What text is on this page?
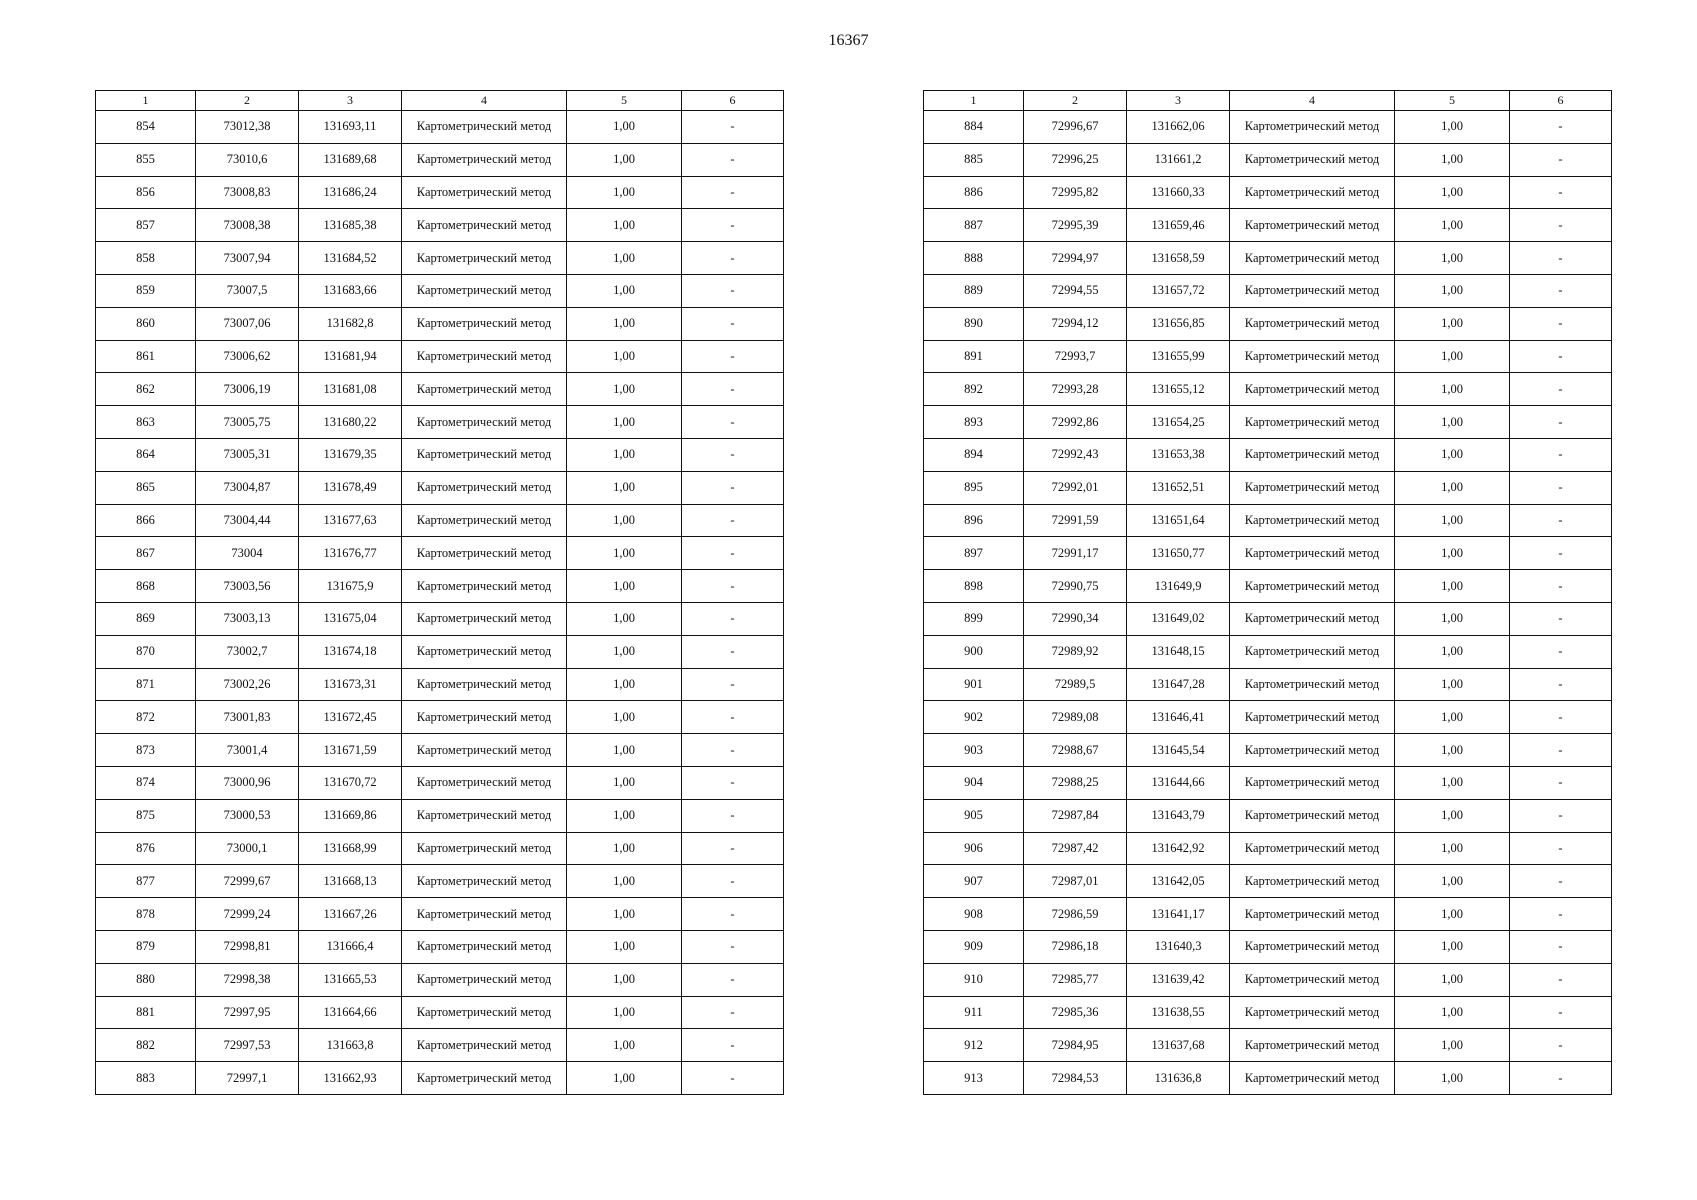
16367
1	2	3	4	5	6
854	73012,38	131693,11	Картометрический метод	1,00	-
855	73010,6	131689,68	Картометрический метод	1,00	-
856	73008,83	131686,24	Картометрический метод	1,00	-
857	73008,38	131685,38	Картометрический метод	1,00	-
858	73007,94	131684,52	Картометрический метод	1,00	-
859	73007,5	131683,66	Картометрический метод	1,00	-
860	73007,06	131682,8	Картометрический метод	1,00	-
861	73006,62	131681,94	Картометрический метод	1,00	-
862	73006,19	131681,08	Картометрический метод	1,00	-
863	73005,75	131680,22	Картометрический метод	1,00	-
864	73005,31	131679,35	Картометрический метод	1,00	-
865	73004,87	131678,49	Картометрический метод	1,00	-
866	73004,44	131677,63	Картометрический метод	1,00	-
867	73004	131676,77	Картометрический метод	1,00	-
868	73003,56	131675,9	Картометрический метод	1,00	-
869	73003,13	131675,04	Картометрический метод	1,00	-
870	73002,7	131674,18	Картометрический метод	1,00	-
871	73002,26	131673,31	Картометрический метод	1,00	-
872	73001,83	131672,45	Картометрический метод	1,00	-
873	73001,4	131671,59	Картометрический метод	1,00	-
874	73000,96	131670,72	Картометрический метод	1,00	-
875	73000,53	131669,86	Картометрический метод	1,00	-
876	73000,1	131668,99	Картометрический метод	1,00	-
877	72999,67	131668,13	Картометрический метод	1,00	-
878	72999,24	131667,26	Картометрический метод	1,00	-
879	72998,81	131666,4	Картометрический метод	1,00	-
880	72998,38	131665,53	Картометрический метод	1,00	-
881	72997,95	131664,66	Картометрический метод	1,00	-
882	72997,53	131663,8	Картометрический метод	1,00	-
883	72997,1	131662,93	Картометрический метод	1,00	-
1	2	3	4	5	6
884	72996,67	131662,06	Картометрический метод	1,00	-
885	72996,25	131661,2	Картометрический метод	1,00	-
886	72995,82	131660,33	Картометрический метод	1,00	-
887	72995,39	131659,46	Картометрический метод	1,00	-
888	72994,97	131658,59	Картометрический метод	1,00	-
889	72994,55	131657,72	Картометрический метод	1,00	-
890	72994,12	131656,85	Картометрический метод	1,00	-
891	72993,7	131655,99	Картометрический метод	1,00	-
892	72993,28	131655,12	Картометрический метод	1,00	-
893	72992,86	131654,25	Картометрический метод	1,00	-
894	72992,43	131653,38	Картометрический метод	1,00	-
895	72992,01	131652,51	Картометрический метод	1,00	-
896	72991,59	131651,64	Картометрический метод	1,00	-
897	72991,17	131650,77	Картометрический метод	1,00	-
898	72990,75	131649,9	Картометрический метод	1,00	-
899	72990,34	131649,02	Картометрический метод	1,00	-
900	72989,92	131648,15	Картометрический метод	1,00	-
901	72989,5	131647,28	Картометрический метод	1,00	-
902	72989,08	131646,41	Картометрический метод	1,00	-
903	72988,67	131645,54	Картометрический метод	1,00	-
904	72988,25	131644,66	Картометрический метод	1,00	-
905	72987,84	131643,79	Картометрический метод	1,00	-
906	72987,42	131642,92	Картометрический метод	1,00	-
907	72987,01	131642,05	Картометрический метод	1,00	-
908	72986,59	131641,17	Картометрический метод	1,00	-
909	72986,18	131640,3	Картометрический метод	1,00	-
910	72985,77	131639,42	Картометрический метод	1,00	-
911	72985,36	131638,55	Картометрический метод	1,00	-
912	72984,95	131637,68	Картометрический метод	1,00	-
913	72984,53	131636,8	Картометрический метод	1,00	-
